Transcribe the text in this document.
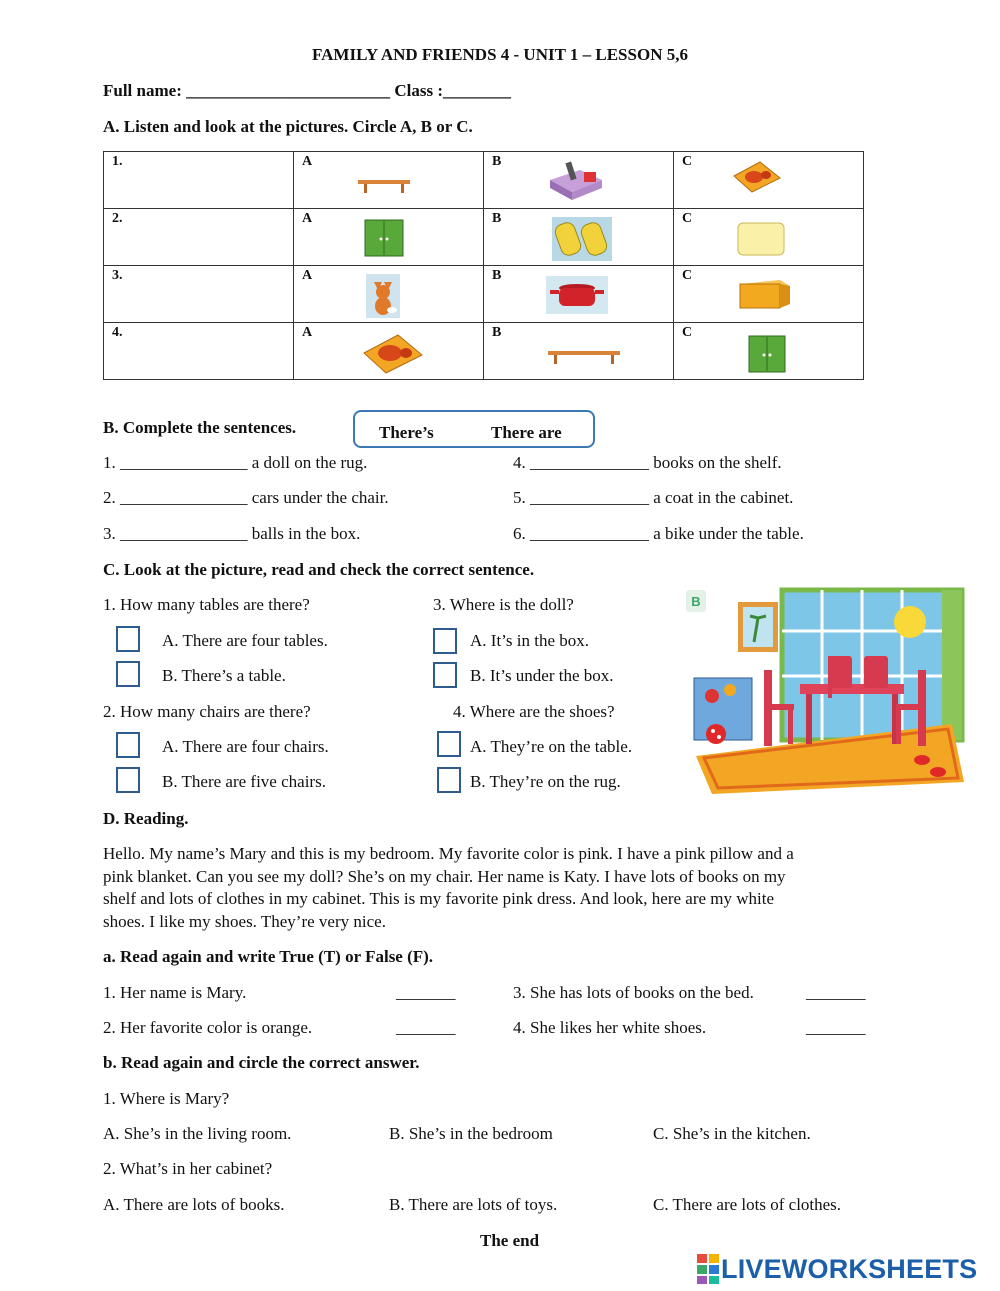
FAMILY AND FRIENDS 4 - UNIT 1 – LESSON 5,6
Full name: ________________________ Class :________
A. Listen and look at the pictures. Circle A, B or C.
1.	A	B	C

2.	A	B	C

3.	A	B	C

4.	A	B	C
B. Complete the sentences.	There’s	There are
1. _______________ a doll on the rug.
2. _______________ cars under the chair.
3. _______________ balls in the box.
4. ______________ books on the shelf.
5. ______________ a coat in the cabinet.
6. ______________ a bike under the table.
C. Look at the picture, read and check the correct sentence.
1. How many tables are there?
A. There are four tables.
B. There’s a table.
2. How many chairs are there?
A. There are four chairs.
B. There are five chairs.
3. Where is the doll?
A. It’s in the box.
B. It’s under the box.
4. Where are the shoes?
A. They’re on the table.
B. They’re on the rug.
B
D. Reading.
Hello. My name’s Mary and this is my bedroom. My favorite color is pink. I have a pink pillow and a
pink blanket. Can you see my doll? She’s on my chair. Her name is Katy. I have lots of books on my
shelf and lots of clothes in my cabinet. This is my favorite pink dress. And look, here are my white
shoes. I like my shoes. They’re very nice.
a. Read again and write True (T) or False (F).
1. Her name is Mary.	_______
2. Her favorite color is orange.	_______
3. She has lots of books on the bed.	_______
4. She likes her white shoes.	_______
b. Read again and circle the correct answer.
1. Where is Mary?
A. She’s in the living room.	B. She’s in the bedroom	C. She’s in the kitchen.
2. What’s in her cabinet?
A. There are lots of books.	B. There are lots of toys.	C. There are lots of clothes.
The end
LIVEWORKSHEETS
